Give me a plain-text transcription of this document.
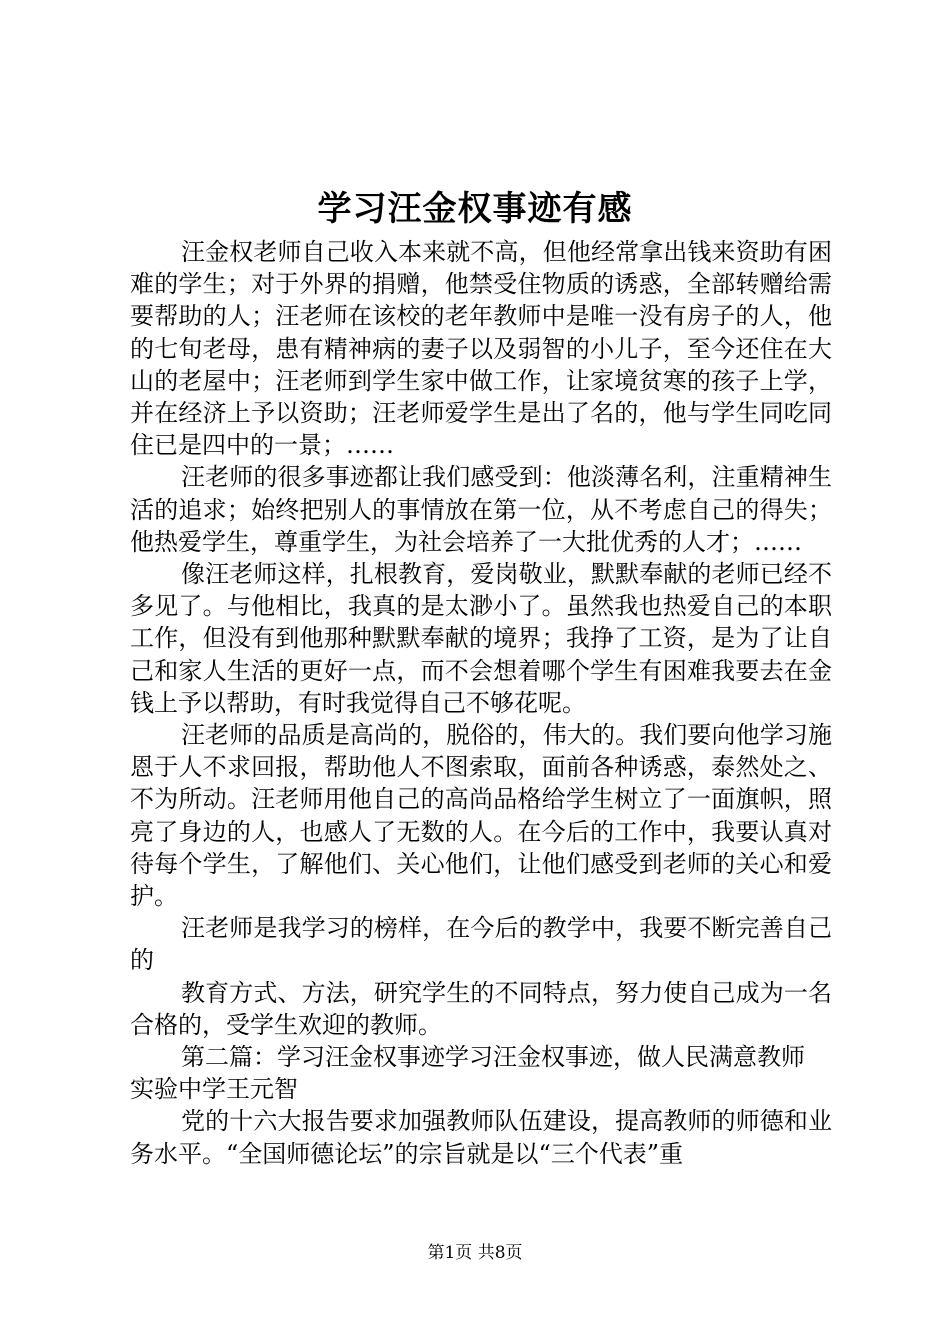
学习汪金权事迹有感

汪金权老师自己收入本来就不高，但他经常拿出钱来资助有困难的学生；对于外界的捐赠，他禁受住物质的诱惑，全部转赠给需要帮助的人；汪老师在该校的老年教师中是唯一没有房子的人，他的七旬老母，患有精神病的妻子以及弱智的小儿子，至今还住在大山的老屋中；汪老师到学生家中做工作，让家境贫寒的孩子上学，并在经济上予以资助；汪老师爱学生是出了名的，他与学生同吃同住已是四中的一景；……

汪老师的很多事迹都让我们感受到：他淡薄名利，注重精神生活的追求；始终把别人的事情放在第一位，从不考虑自己的得失；他热爱学生，尊重学生，为社会培养了一大批优秀的人才；……

像汪老师这样，扎根教育，爱岗敬业，默默奉献的老师已经不多见了。与他相比，我真的是太渺小了。虽然我也热爱自己的本职工作，但没有到他那种默默奉献的境界；我挣了工资，是为了让自己和家人生活的更好一点，而不会想着哪个学生有困难我要去在金钱上予以帮助，有时我觉得自己不够花呢。

汪老师的品质是高尚的，脱俗的，伟大的。我们要向他学习施恩于人不求回报，帮助他人不图索取，面前各种诱惑，泰然处之、不为所动。汪老师用他自己的高尚品格给学生树立了一面旗帜，照亮了身边的人，也感人了无数的人。在今后的工作中，我要认真对待每个学生，了解他们、关心他们，让他们感受到老师的关心和爱护。

汪老师是我学习的榜样，在今后的教学中，我要不断完善自己的

教育方式、方法，研究学生的不同特点，努力使自己成为一名合格的，受学生欢迎的教师。

第二篇：学习汪金权事迹学习汪金权事迹，做人民满意教师

实验中学王元智

党的十六大报告要求加强教师队伍建设，提高教师的师德和业务水平。“全国师德论坛”的宗旨就是以“三个代表”重

第1页 共8页
